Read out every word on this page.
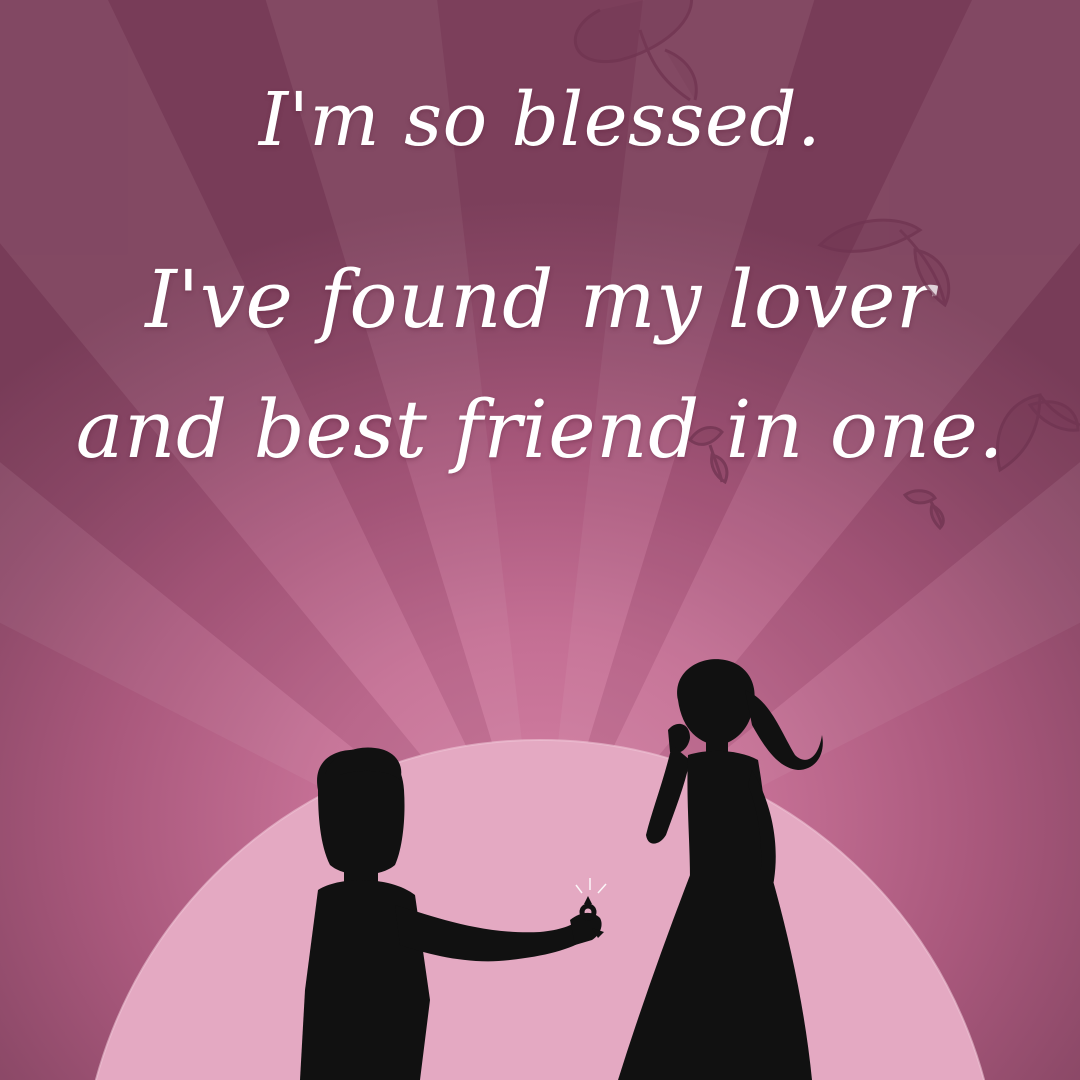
I'm so blessed.

I've found my lover

and best friend in one.
